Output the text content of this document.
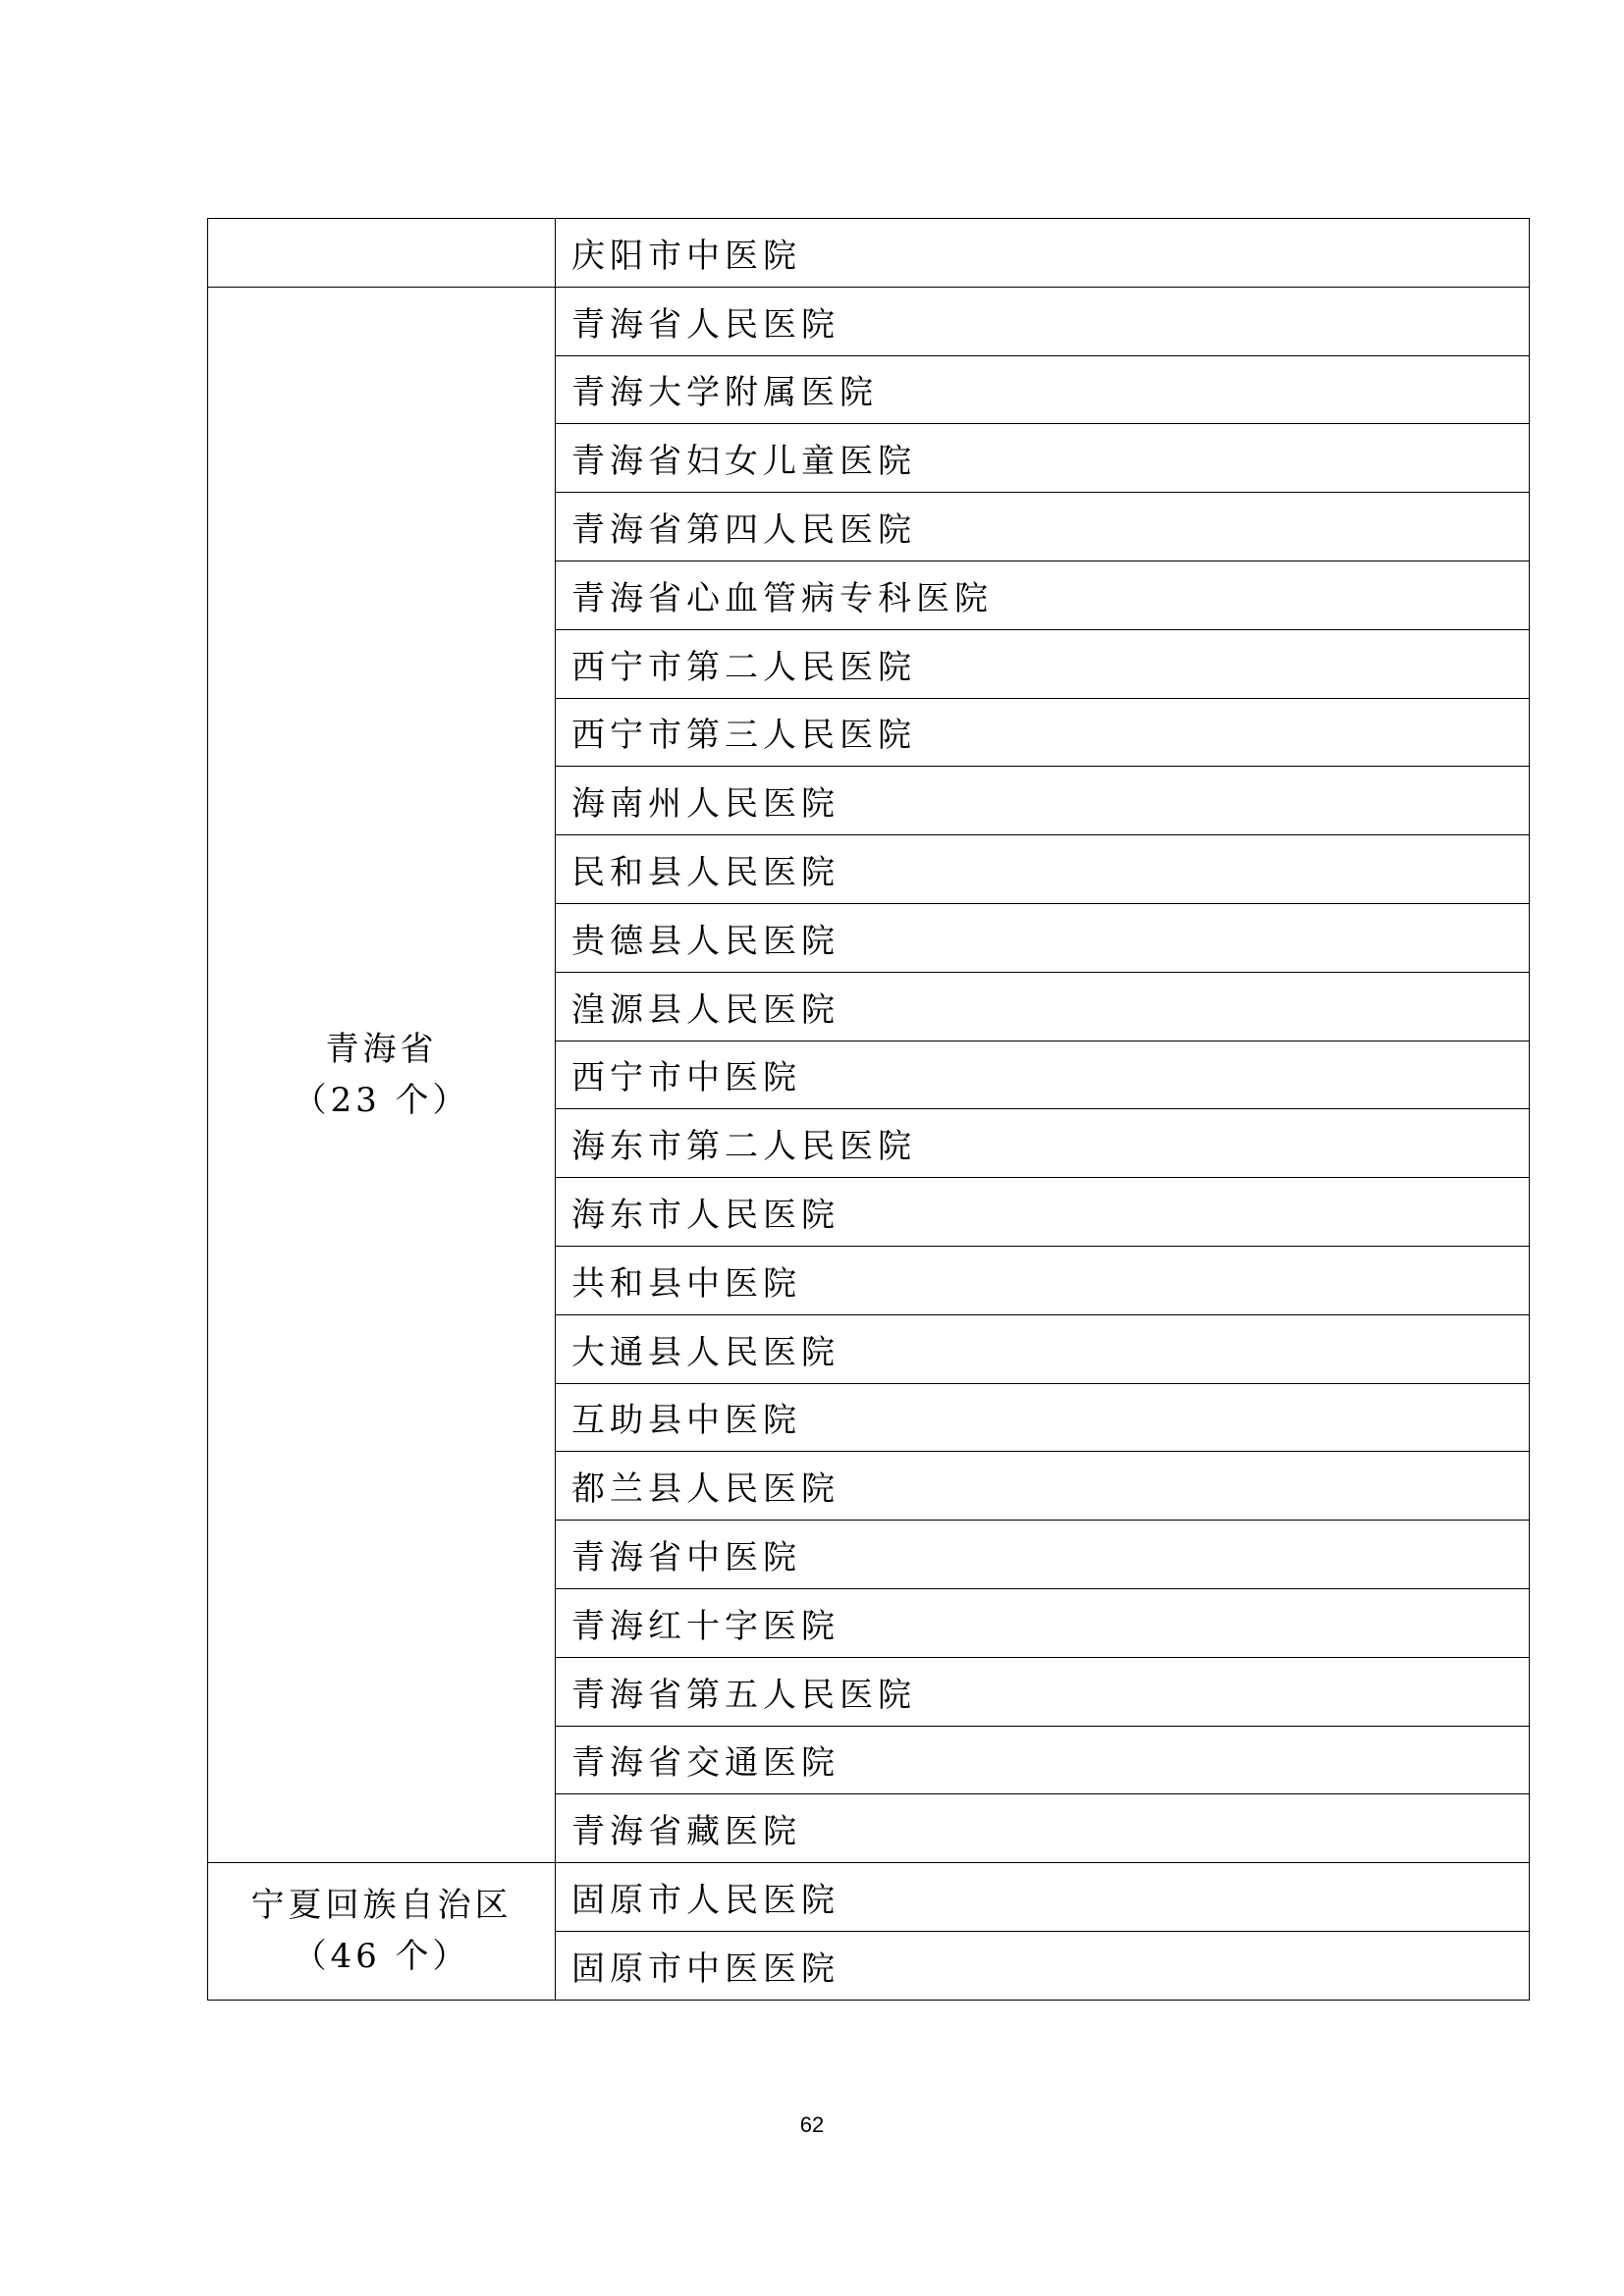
	庆阳市中医院

青海省
（23 个）	青海省人民医院
	青海大学附属医院
	青海省妇女儿童医院
	青海省第四人民医院
	青海省心血管病专科医院
	西宁市第二人民医院
	西宁市第三人民医院
	海南州人民医院
	民和县人民医院
	贵德县人民医院
	湟源县人民医院
	西宁市中医院
	海东市第二人民医院
	海东市人民医院
	共和县中医院
	大通县人民医院
	互助县中医院
	都兰县人民医院
	青海省中医院
	青海红十字医院
	青海省第五人民医院
	青海省交通医院
	青海省藏医院

宁夏回族自治区
（46 个）	固原市人民医院
	固原市中医医院
62
